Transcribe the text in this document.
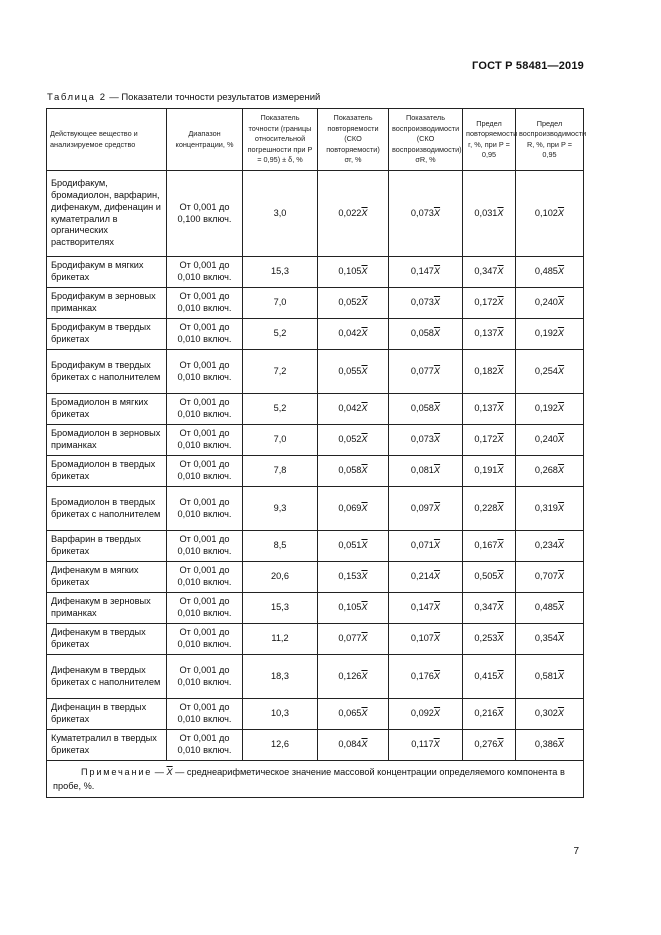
ГОСТ Р 58481—2019
Таблица 2 — Показатели точности результатов измерений
Действующее вещество и анализируемое средство	Диапазон концентрации, %	Показатель точности (границы относительной погрешности при P = 0,95) ± δ, %	Показатель повторяемости (СКО повторяемости) σr, %	Показатель воспроизводимости (СКО воспроизводимости) σR, %	Предел повторяемости r, %, при P = 0,95	Предел воспроизводимости R, %, при P = 0,95
Бродифакум, бромадиолон, варфарин, дифенакум, дифенацин и куматетралил в органических растворителях	От 0,001 до 0,100 включ.	3,0	$0,022\overline{X}$	$0,073\overline{X}$	$0,031\overline{X}$	$0,102\overline{X}$
Бродифакум в мягких брикетах	От 0,001 до 0,010 включ.	15,3	$0,105\overline{X}$	$0,147\overline{X}$	$0,347\overline{X}$	$0,485\overline{X}$
Бродифакум в зерновых приманках	От 0,001 до 0,010 включ.	7,0	$0,052\overline{X}$	$0,073\overline{X}$	$0,172\overline{X}$	$0,240\overline{X}$
Бродифакум в твердых брикетах	От 0,001 до 0,010 включ.	5,2	$0,042\overline{X}$	$0,058\overline{X}$	$0,137\overline{X}$	$0,192\overline{X}$
Бродифакум в твердых брикетах с наполнителем	От 0,001 до 0,010 включ.	7,2	$0,055\overline{X}$	$0,077\overline{X}$	$0,182\overline{X}$	$0,254\overline{X}$
Бромадиолон в мягких брикетах	От 0,001 до 0,010 включ.	5,2	$0,042\overline{X}$	$0,058\overline{X}$	$0,137\overline{X}$	$0,192\overline{X}$
Бромадиолон в зерновых приманках	От 0,001 до 0,010 включ.	7,0	$0,052\overline{X}$	$0,073\overline{X}$	$0,172\overline{X}$	$0,240\overline{X}$
Бромадиолон в твердых брикетах	От 0,001 до 0,010 включ.	7,8	$0,058\overline{X}$	$0,081\overline{X}$	$0,191\overline{X}$	$0,268\overline{X}$
Бромадиолон в твердых брикетах с наполнителем	От 0,001 до 0,010 включ.	9,3	$0,069\overline{X}$	$0,097\overline{X}$	$0,228\overline{X}$	$0,319\overline{X}$
Варфарин в твердых брикетах	От 0,001 до 0,010 включ.	8,5	$0,051\overline{X}$	$0,071\overline{X}$	$0,167\overline{X}$	$0,234\overline{X}$
Дифенакум в мягких брикетах	От 0,001 до 0,010 включ.	20,6	$0,153\overline{X}$	$0,214\overline{X}$	$0,505\overline{X}$	$0,707\overline{X}$
Дифенакум в зерновых приманках	От 0,001 до 0,010 включ.	15,3	$0,105\overline{X}$	$0,147\overline{X}$	$0,347\overline{X}$	$0,485\overline{X}$
Дифенакум в твердых брикетах	От 0,001 до 0,010 включ.	11,2	$0,077\overline{X}$	$0,107\overline{X}$	$0,253\overline{X}$	$0,354\overline{X}$
Дифенакум в твердых брикетах с наполнителем	От 0,001 до 0,010 включ.	18,3	$0,126\overline{X}$	$0,176\overline{X}$	$0,415\overline{X}$	$0,581\overline{X}$
Дифенацин в твердых брикетах	От 0,001 до 0,010 включ.	10,3	$0,065\overline{X}$	$0,092\overline{X}$	$0,216\overline{X}$	$0,302\overline{X}$
Куматетралил в твердых брикетах	От 0,001 до 0,010 включ.	12,6	$0,084\overline{X}$	$0,117\overline{X}$	$0,276\overline{X}$	$0,386\overline{X}$
Примечание — $\overline{X}$ — среднеарифметическое значение массовой концентрации определяемого компонента в пробе, %.						
7
